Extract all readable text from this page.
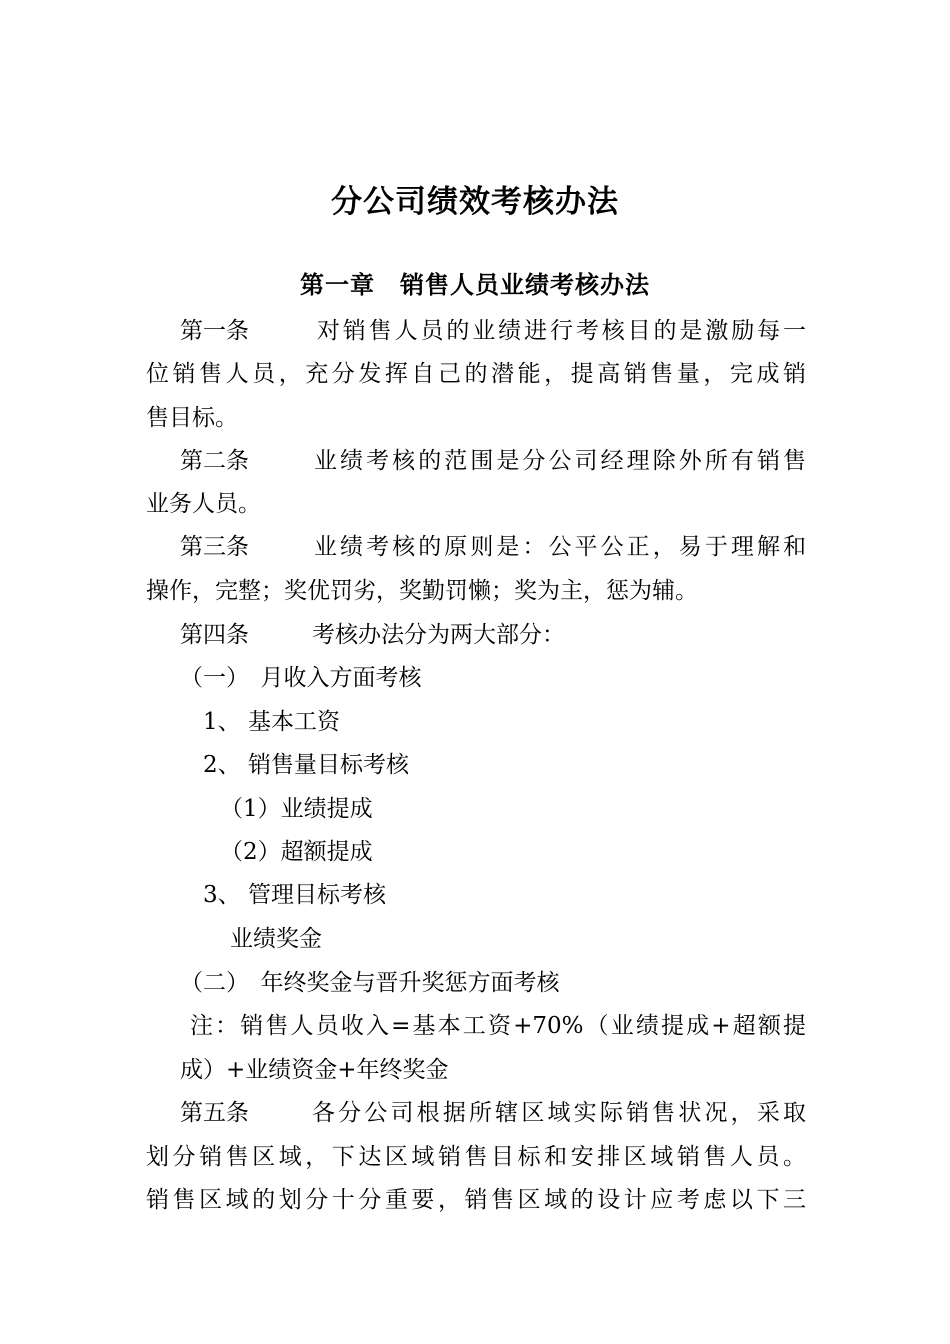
分公司绩效考核办法
第一章　销售人员业绩考核办法
第一条	对销售人员的业绩进行考核目的是激励每一
位销售人员，充分发挥自己的潜能，提高销售量，完成销
售目标。
第二条	业绩考核的范围是分公司经理除外所有销售
业务人员。
第三条	业绩考核的原则是：公平公正，易于理解和
操作，完整；奖优罚劣，奖勤罚懒；奖为主，惩为辅。
第四条	考核办法分为两大部分：
（一）　月收入方面考核
1、 基本工资
2、 销售量目标考核
（1）业绩提成
（2）超额提成
3、 管理目标考核
业绩奖金
（二）　年终奖金与晋升奖惩方面考核
注：销售人员收入=基本工资+70%（业绩提成+超额提
成）+业绩资金+年终奖金
第五条	各分公司根据所辖区域实际销售状况，采取
划分销售区域，下达区域销售目标和安排区域销售人员。
销售区域的划分十分重要，销售区域的设计应考虑以下三
